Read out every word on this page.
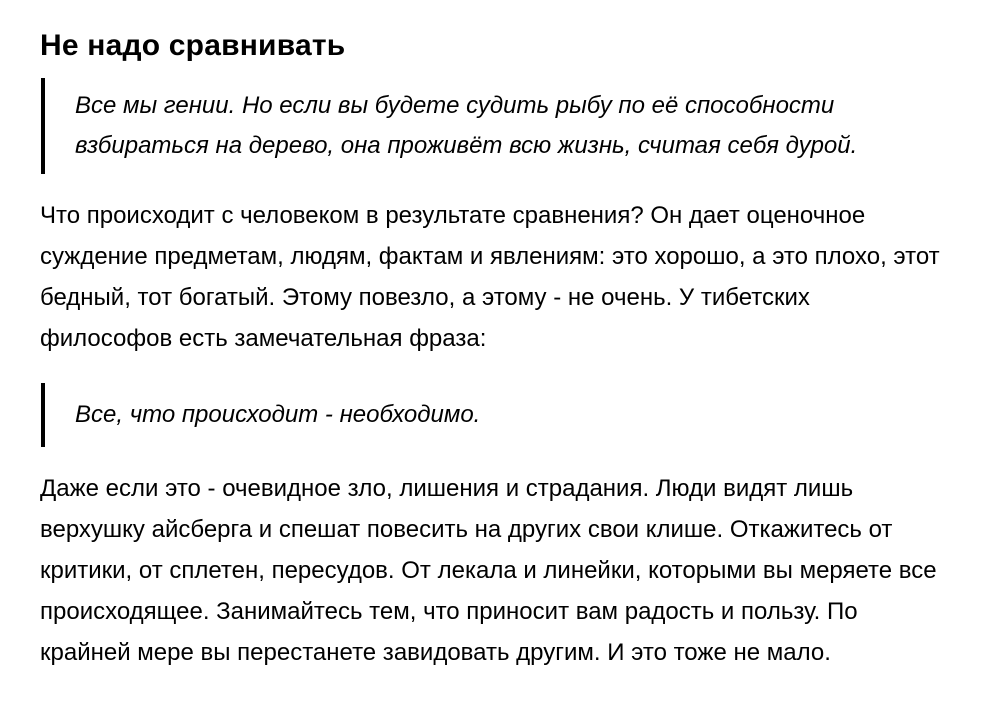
Не надо сравнивать

Все мы гении. Но если вы будете судить рыбу по её способности взбираться на дерево, она проживёт всю жизнь, считая себя дурой.

Что происходит с человеком в результате сравнения? Он дает оценочное суждение предметам, людям, фактам и явлениям: это хорошо, а это плохо, этот бедный, тот богатый. Этому повезло, а этому - не очень. У тибетских философов есть замечательная фраза:

Все, что происходит - необходимо.

Даже если это - очевидное зло, лишения и страдания. Люди видят лишь верхушку айсберга и спешат повесить на других свои клише. Откажитесь от критики, от сплетен, пересудов. От лекала и линейки, которыми вы меряете все происходящее. Занимайтесь тем, что приносит вам радость и пользу. По крайней мере вы перестанете завидовать другим. И это тоже не мало.
